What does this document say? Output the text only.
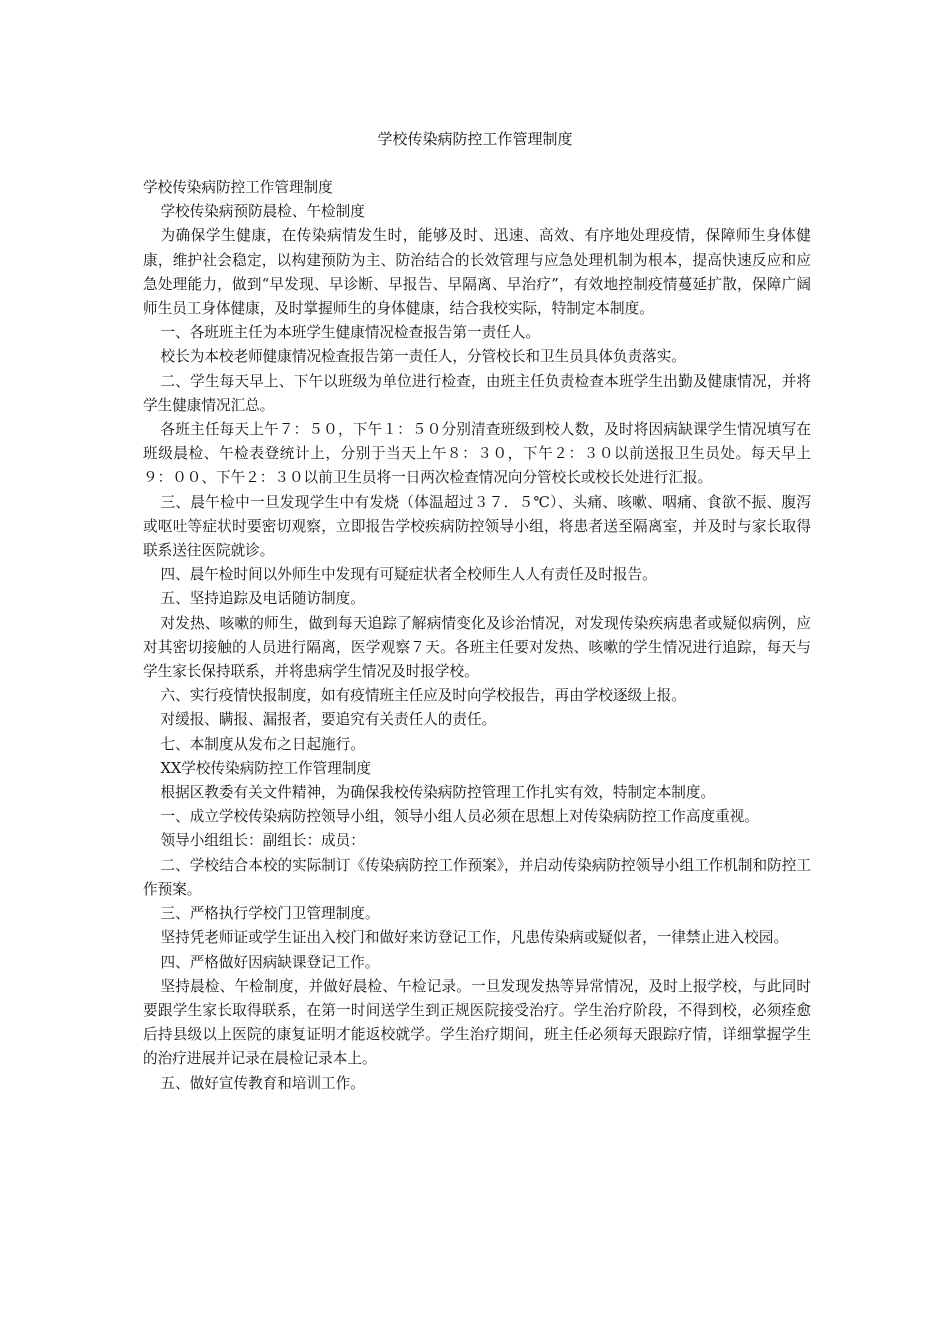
学校传染病防控工作管理制度

学校传染病防控工作管理制度

学校传染病预防晨检、午检制度

为确保学生健康，在传染病情发生时，能够及时、迅速、高效、有序地处理疫情，保障师生身体健康，维护社会稳定，以构建预防为主、防治结合的长效管理与应急处理机制为根本，提高快速反应和应急处理能力，做到“早发现、早诊断、早报告、早隔离、早治疗”，有效地控制疫情蔓延扩散，保障广阔师生员工身体健康，及时掌握师生的身体健康，结合我校实际，特制定本制度。

一、各班班主任为本班学生健康情况检查报告第一责任人。

校长为本校老师健康情况检查报告第一责任人，分管校长和卫生员具体负责落实。

二、学生每天早上、下午以班级为单位进行检查，由班主任负责检查本班学生出勤及健康情况，并将学生健康情况汇总。

各班主任每天上午７：５０，下午１：５０分别清查班级到校人数，及时将因病缺课学生情况填写在班级晨检、午检表登统计上，分别于当天上午８：３０，下午２：３０以前送报卫生员处。每天早上９：００、下午２：３０以前卫生员将一日两次检查情况向分管校长或校长处进行汇报。

三、晨午检中一旦发现学生中有发烧（体温超过３７．５℃）、头痛、咳嗽、咽痛、食欲不振、腹泻或呕吐等症状时要密切观察，立即报告学校疾病防控领导小组，将患者送至隔离室，并及时与家长取得联系送往医院就诊。

四、晨午检时间以外师生中发现有可疑症状者全校师生人人有责任及时报告。

五、坚持追踪及电话随访制度。

对发热、咳嗽的师生，做到每天追踪了解病情变化及诊治情况，对发现传染疾病患者或疑似病例，应对其密切接触的人员进行隔离，医学观察７天。各班主任要对发热、咳嗽的学生情况进行追踪，每天与学生家长保持联系，并将患病学生情况及时报学校。

六、实行疫情快报制度，如有疫情班主任应及时向学校报告，再由学校逐级上报。

对缓报、瞒报、漏报者，要追究有关责任人的责任。

七、本制度从发布之日起施行。

XX学校传染病防控工作管理制度

根据区教委有关文件精神，为确保我校传染病防控管理工作扎实有效，特制定本制度。

一、成立学校传染病防控领导小组，领导小组人员必须在思想上对传染病防控工作高度重视。

领导小组组长：副组长：成员：

二、学校结合本校的实际制订《传染病防控工作预案》，并启动传染病防控领导小组工作机制和防控工作预案。

三、严格执行学校门卫管理制度。

坚持凭老师证或学生证出入校门和做好来访登记工作，凡患传染病或疑似者，一律禁止进入校园。

四、严格做好因病缺课登记工作。

坚持晨检、午检制度，并做好晨检、午检记录。一旦发现发热等异常情况，及时上报学校，与此同时要跟学生家长取得联系，在第一时间送学生到正规医院接受治疗。学生治疗阶段，不得到校，必须痊愈后持县级以上医院的康复证明才能返校就学。学生治疗期间，班主任必须每天跟踪疗情，详细掌握学生的治疗进展并记录在晨检记录本上。

五、做好宣传教育和培训工作。
